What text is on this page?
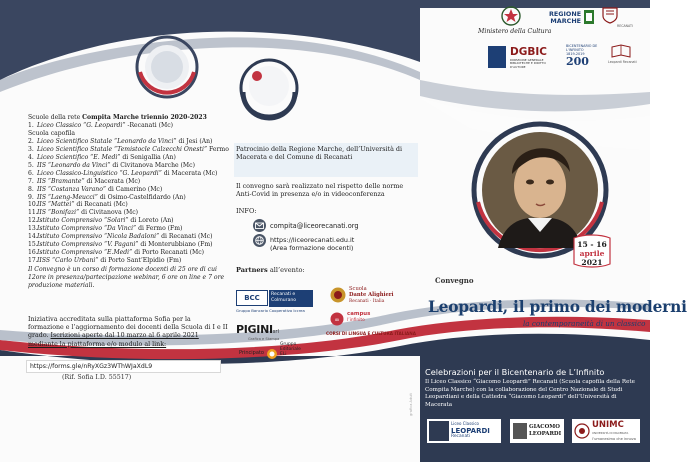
Scuole della rete Compita Marche triennio 2020-2023
1. Liceo Classico “G. Leopardi” -Recanati (Mc)
Scuola capofila
2. Liceo Scientifico Statale “Leonardo da Vinci” di Jesi (An)
3. Liceo Scientifico Statale “Temistocle Calzecchi Onesti” Fermo
4. Liceo Scientifico “E. Medi” di Senigallia (An)
5. IIS “Leonardo da Vinci” di Civitanova Marche (Mc)
6. Liceo Classico-Linguistico “G. Leopardi” di Macerata (Mc)
7. IIS “Bramante” di Macerata (Mc)
8. IIS “Costanza Varano” di Camerino (Mc)
9. IIS “Laeng-Meucci” di Osimo-Castelfidardo (An)
10.IIS “Mattei” di Recanati (Mc)
11.IIS “Bonifazi” di Civitanova (Mc)
12.Istituto Comprensivo “Solari” di Loreto (An)
13.Istituto Comprensivo “Da Vinci” di Fermo (Fm)
14.Istituto Comprensivo “Nicola Badaloni” di Recanati (Mc)
15.Istituto Comprensivo “V. Pagani” di Monterubbiano (Fm)
16.Istituto Comprensivo “E.Medi” di Porto Recanati (Mc)
17.IISS “Carlo Urbani” di Porto Sant’Elpidio (Fm)
Il Convegno è un corso di formazione docenti di 25 ore di cui 12ore in presenza/partecipazione webinar, 6 ore on line e 7 ore produzione materiali.
Iniziativa accreditata sulla piattaforma Sofia per la formazione e l’aggiornamento dei docenti della Scuola di I e II grado. Iscrizioni aperte dal 10 marzo al 6 aprile 2021 mediante la piattaforma e/o modulo al link:
https://forms.gle/nRyXGz3WThWJaXdL9
(Rif. Sofia I.D. 55517)
Patrocinio della Regione Marche, dell’Università di Macerata e del Comune di Recanati
Il convegno sarà realizzato nel rispetto delle norme Anti-Covid in presenza e/o in videoconferenza
INFO:
compita@liceorecanati.org
https://liceorecanati.edu.it
(Area formazione docenti)
Partners all’evento:
BCC	Recanati e
Colmurano
Gruppo Bancario Cooperativo Iccrea
PIGINIsrl
Grafica e Stampa
Principato
Gruppo
Editoriale
ELi
Scuola
Dante Alighieri
Recanati · Italia
∞
campus
l’infinito
CORSI DI LINGUA E CULTURA ITALIANA
Ministero della Cultura
REGIONE
MARCHE
RECANATI
DGBIC
DIREZIONE GENERALE BIBLIOTECHE E DIRITTO D'AUTORE
BICENTENARIO DE L'INFINITO
1819-2019
200	Leopardi Recanati
15 - 16
aprile
2021
Convegno
Leopardi, il primo dei moderni
la contemporaneità di un classico
Celebrazioni per il Bicentenario de L’Infinito
Il Liceo Classico “Giacomo Leopardi” Recanati (Scuola capofila della Rete Compita Marche) con la collaborazione del Centro Nazionale di Studi Leopardiani e della Cattedra “Giacomo Leopardi” dell’Università di Macerata
grafica Adult
Liceo Classico
LEOPARDI
Recanati
GIACOMO
LEOPARDI
UNIMC
UNIVERSITÀ DI MACERATA
l’umanesimo che innova
